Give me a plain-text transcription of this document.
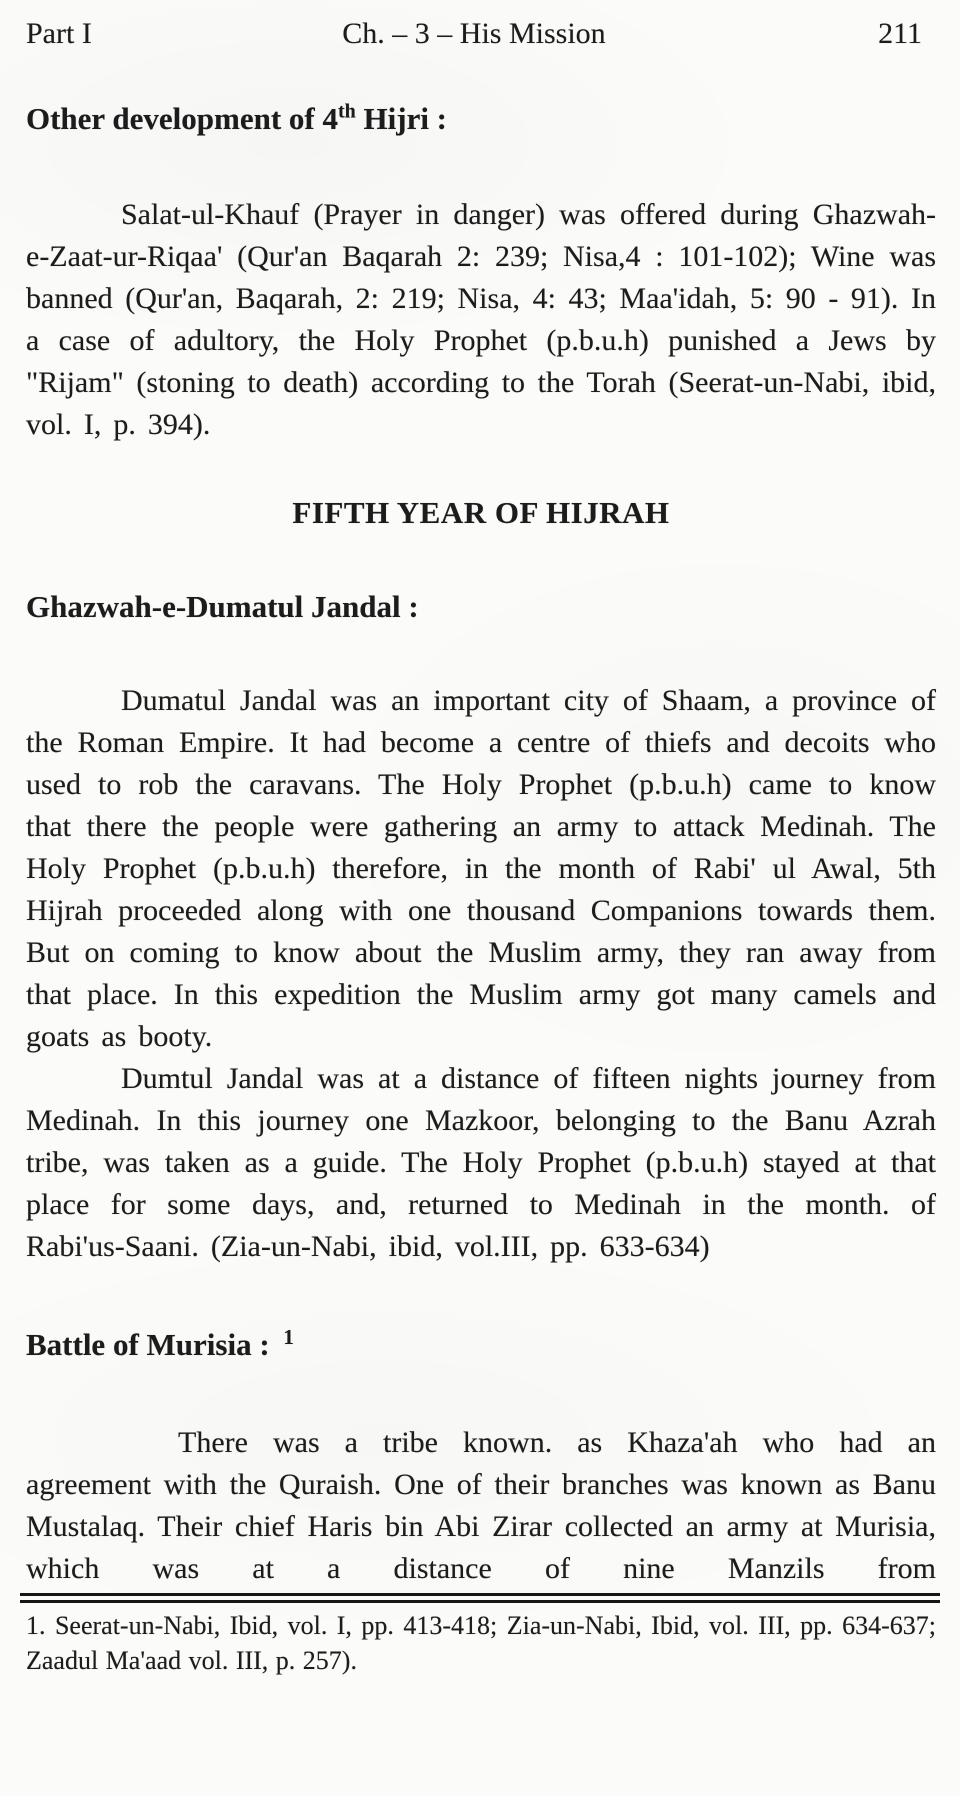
Part I	Ch. – 3 – His Mission	211
Other development of 4th Hijri :

Salat-ul-Khauf (Prayer in danger) was offered during Ghazwah-e-Zaat-ur-Riqaa' (Qur'an Baqarah 2: 239; Nisa,4 : 101-102); Wine was banned (Qur'an, Baqarah, 2: 219; Nisa, 4: 43; Maa'idah, 5: 90 - 91). In a case of adultory, the Holy Prophet (p.b.u.h) punished a Jews by "Rijam" (stoning to death) according to the Torah (Seerat-un-Nabi, ibid, vol. I, p. 394).

FIFTH YEAR OF HIJRAH
Ghazwah-e-Dumatul Jandal :

Dumatul Jandal was an important city of Shaam, a province of the Roman Empire. It had become a centre of thiefs and decoits who used to rob the caravans. The Holy Prophet (p.b.u.h) came to know that there the people were gathering an army to attack Medinah. The Holy Prophet (p.b.u.h) therefore, in the month of Rabi' ul Awal, 5th Hijrah proceeded along with one thousand Companions towards them. But on coming to know about the Muslim army, they ran away from that place. In this expedition the Muslim army got many camels and goats as booty.

Dumtul Jandal was at a distance of fifteen nights journey from Medinah. In this journey one Mazkoor, belonging to the Banu Azrah tribe, was taken as a guide. The Holy Prophet (p.b.u.h) stayed at that place for some days, and, returned to Medinah in the month. of Rabi'us-Saani. (Zia-un-Nabi, ibid, vol.III, pp. 633-634)

Battle of Murisia : $^1$

There was a tribe known. as Khaza'ah who had an agreement with the Quraish. One of their branches was known as Banu Mustalaq. Their chief Haris bin Abi Zirar collected an army at Murisia, which was at a distance of nine Manzils from

1. Seerat-un-Nabi, Ibid, vol. I, pp. 413-418; Zia-un-Nabi, Ibid, vol. III, pp. 634-637; Zaadul Ma'aad vol. III, p. 257).
